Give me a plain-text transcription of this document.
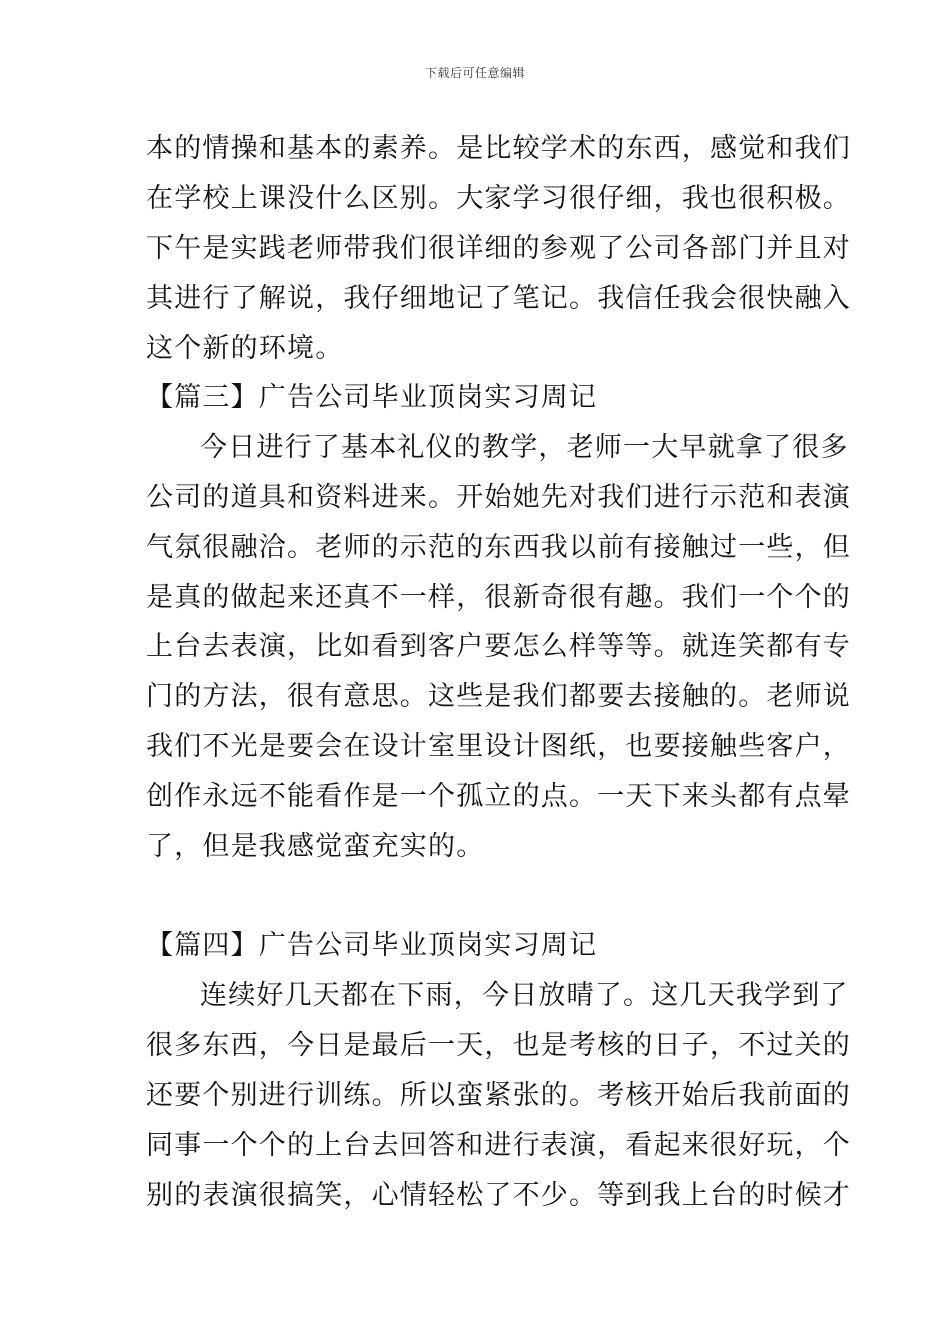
下载后可任意编辑
本的情操和基本的素养。是比较学术的东西，感觉和我们
在学校上课没什么区别。大家学习很仔细，我也很积极。
下午是实践老师带我们很详细的参观了公司各部门并且对
其进行了解说，我仔细地记了笔记。我信任我会很快融入
这个新的环境。
【篇三】广告公司毕业顶岗实习周记
今日进行了基本礼仪的教学，老师一大早就拿了很多
公司的道具和资料进来。开始她先对我们进行示范和表演
气氛很融洽。老师的示范的东西我以前有接触过一些，但
是真的做起来还真不一样，很新奇很有趣。我们一个个的
上台去表演，比如看到客户要怎么样等等。就连笑都有专
门的方法，很有意思。这些是我们都要去接触的。老师说
我们不光是要会在设计室里设计图纸，也要接触些客户，
创作永远不能看作是一个孤立的点。一天下来头都有点晕
了，但是我感觉蛮充实的。
【篇四】广告公司毕业顶岗实习周记
连续好几天都在下雨，今日放晴了。这几天我学到了
很多东西，今日是最后一天，也是考核的日子，不过关的
还要个别进行训练。所以蛮紧张的。考核开始后我前面的
同事一个个的上台去回答和进行表演，看起来很好玩，个
别的表演很搞笑，心情轻松了不少。等到我上台的时候才
